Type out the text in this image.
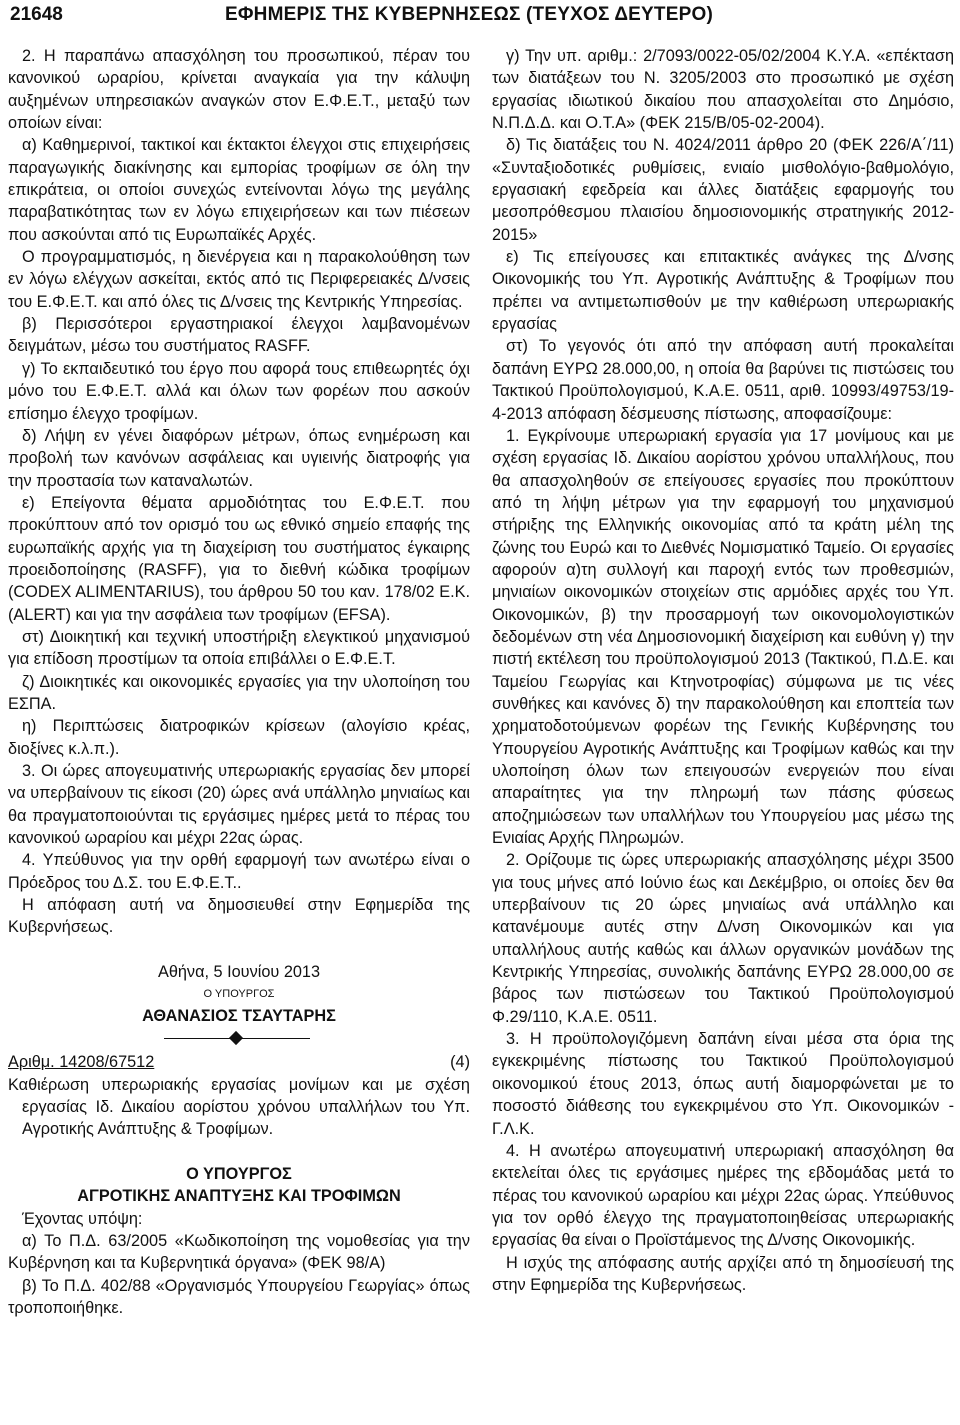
21648	ΕΦΗΜΕΡΙΣ ΤΗΣ ΚΥΒΕΡΝΗΣΕΩΣ (ΤΕΥΧΟΣ ΔΕΥΤΕΡΟ)

2. Η παραπάνω απασχόληση του προσωπικού, πέραν του κανονικού ωραρίου, κρίνεται αναγκαία για την κάλυψη αυξημένων υπηρεσιακών αναγκών στον Ε.Φ.Ε.Τ., μεταξύ των οποίων είναι:

α) Καθημερινοί, τακτικοί και έκτακτοι έλεγχοι στις επιχειρήσεις παραγωγικής διακίνησης και εμπορίας τροφίμων σε όλη την επικράτεια, οι οποίοι συνεχώς εντείνονται λόγω της μεγάλης παραβατικότητας των εν λόγω επιχειρήσεων και των πιέσεων που ασκούνται από τις Ευρωπαϊκές Αρχές.

Ο προγραμματισμός, η διενέργεια και η παρακολούθηση των εν λόγω ελέγχων ασκείται, εκτός από τις Περιφερειακές Δ/νσεις του Ε.Φ.Ε.Τ. και από όλες τις Δ/νσεις της Κεντρικής Υπηρεσίας.

β) Περισσότεροι εργαστηριακοί έλεγχοι λαμβανομένων δειγμάτων, μέσω του συστήματος RASFF.

γ) Το εκπαιδευτικό του έργο που αφορά τους επιθεωρητές όχι μόνο του Ε.Φ.Ε.Τ. αλλά και όλων των φορέων που ασκούν επίσημο έλεγχο τροφίμων.

δ) Λήψη εν γένει διαφόρων μέτρων, όπως ενημέρωση και προβολή των κανόνων ασφάλειας και υγιεινής διατροφής για την προστασία των καταναλωτών.

ε) Επείγοντα θέματα αρμοδιότητας του Ε.Φ.Ε.Τ. που προκύπτουν από τον ορισμό του ως εθνικό σημείο επαφής της ευρωπαϊκής αρχής για τη διαχείριση του συστήματος έγκαιρης προειδοποίησης (RASFF), για το διεθνή κώδικα τροφίμων (CODEX ALIMENTARIUS), του άρθρου 50 του καν. 178/02 Ε.Κ. (ALERT) και για την ασφάλεια των τροφίμων (EFSA).

στ) Διοικητική και τεχνική υποστήριξη ελεγκτικού μηχανισμού για επίδοση προστίμων τα οποία επιβάλλει ο Ε.Φ.Ε.Τ.

ζ) Διοικητικές και οικονομικές εργασίες για την υλοποίηση του ΕΣΠΑ.

η) Περιπτώσεις διατροφικών κρίσεων (αλογίσιο κρέας, διοξίνες κ.λ.π.).

3. Οι ώρες απογευματινής υπερωριακής εργασίας δεν μπορεί να υπερβαίνουν τις είκοσι (20) ώρες ανά υπάλληλο μηνιαίως και θα πραγματοποιούνται τις εργάσιμες ημέρες μετά το πέρας του κανονικού ωραρίου και μέχρι 22ας ώρας.

4. Υπεύθυνος για την ορθή εφαρμογή των ανωτέρω είναι ο Πρόεδρος του Δ.Σ. του Ε.Φ.Ε.Τ..

Η απόφαση αυτή να δημοσιευθεί στην Εφημερίδα της Κυβερνήσεως.

Αθήνα, 5 Ιουνίου 2013

Ο ΥΠΟΥΡΓΟΣ

ΑΘΑΝΑΣΙΟΣ ΤΣΑΥΤΑΡΗΣ

Αριθμ. 14208/67512	(4)

Καθιέρωση υπερωριακής εργασίας μονίμων και με σχέση εργασίας Ιδ. Δικαίου αορίστου χρόνου υπαλλήλων του Υπ. Αγροτικής Ανάπτυξης & Τροφίμων.

Ο ΥΠΟΥΡΓΟΣ

ΑΓΡΟΤΙΚΗΣ ΑΝΑΠΤΥΞΗΣ ΚΑΙ ΤΡΟΦΙΜΩΝ

Έχοντας υπόψη:

α) Το Π.Δ. 63/2005 «Κωδικοποίηση της νομοθεσίας για την Κυβέρνηση και τα Κυβερνητικά όργανα» (ΦΕΚ 98/Α)

β) Το Π.Δ. 402/88 «Οργανισμός Υπουργείου Γεωργίας» όπως τροποποιήθηκε.

γ) Την υπ. αριθμ.: 2/7093/0022-05/02/2004 Κ.Υ.Α. «επέκταση των διατάξεων του Ν. 3205/2003 στο προσωπικό με σχέση εργασίας ιδιωτικού δικαίου που απασχολείται στο Δημόσιο, Ν.Π.Δ.Δ. και Ο.Τ.Α» (ΦΕΚ 215/Β/05-02-2004).

δ) Τις διατάξεις του Ν. 4024/2011 άρθρο 20 (ΦΕΚ 226/Α΄/11) «Συνταξιοδοτικές ρυθμίσεις, ενιαίο μισθολόγιο-βαθμολόγιο, εργασιακή εφεδρεία και άλλες διατάξεις εφαρμογής του μεσοπρόθεσμου πλαισίου δημοσιονομικής στρατηγικής 2012-2015»

ε) Τις επείγουσες και επιτακτικές ανάγκες της Δ/νσης Οικονομικής του Υπ. Αγροτικής Ανάπτυξης & Τροφίμων που πρέπει να αντιμετωπισθούν με την καθιέρωση υπερωριακής εργασίας

στ) Το γεγονός ότι από την απόφαση αυτή προκαλείται δαπάνη ΕΥΡΩ 28.000,00, η οποία θα βαρύνει τις πιστώσεις του Τακτικού Προϋπολογισμού, Κ.Α.Ε. 0511, αριθ. 10993/49753/19-4-2013 απόφαση δέσμευσης πίστωσης, αποφασίζουμε:

1. Εγκρίνουμε υπερωριακή εργασία για 17 μονίμους και με σχέση εργασίας Ιδ. Δικαίου αορίστου χρόνου υπαλλήλους, που θα απασχοληθούν σε επείγουσες εργασίες που προκύπτουν από τη λήψη μέτρων για την εφαρμογή του μηχανισμού στήριξης της Ελληνικής οικονομίας από τα κράτη μέλη της ζώνης του Ευρώ και το Διεθνές Νομισματικό Ταμείο. Οι εργασίες αφορούν α)τη συλλογή και παροχή εντός των προθεσμιών, μηνιαίων οικονομικών στοιχείων στις αρμόδιες αρχές του Υπ. Οικονομικών, β) την προσαρμογή των οικονομολογιστικών δεδομένων στη νέα Δημοσιονομική διαχείριση και ευθύνη γ) την πιστή εκτέλεση του προϋπολογισμού 2013 (Τακτικού, Π.Δ.Ε. και Ταμείου Γεωργίας και Κτηνοτροφίας) σύμφωνα με τις νέες συνθήκες και κανόνες δ) την παρακολούθηση και εποπτεία των χρηματοδοτούμενων φορέων της Γενικής Κυβέρνησης του Υπουργείου Αγροτικής Ανάπτυξης και Τροφίμων καθώς και την υλοποίηση όλων των επειγουσών ενεργειών που είναι απαραίτητες για την πληρωμή των πάσης φύσεως αποζημιώσεων των υπαλλήλων του Υπουργείου μας μέσω της Ενιαίας Αρχής Πληρωμών.

2. Ορίζουμε τις ώρες υπερωριακής απασχόλησης μέχρι 3500 για τους μήνες από Ιούνιο έως και Δεκέμβριο, οι οποίες δεν θα υπερβαίνουν τις 20 ώρες μηνιαίως ανά υπάλληλο και κατανέμουμε αυτές στην Δ/νση Οικονομικών και για υπαλλήλους αυτής καθώς και άλλων οργανικών μονάδων της Κεντρικής Υπηρεσίας, συνολικής δαπάνης ΕΥΡΩ 28.000,00 σε βάρος των πιστώσεων του Τακτικού Προϋπολογισμού Φ.29/110, Κ.Α.Ε. 0511.

3. Η προϋπολογιζόμενη δαπάνη είναι μέσα στα όρια της εγκεκριμένης πίστωσης του Τακτικού Προϋπολογισμού οικονομικού έτους 2013, όπως αυτή διαμορφώνεται με το ποσοστό διάθεσης του εγκεκριμένου στο Υπ. Οικονομικών - Γ.Λ.Κ.

4. Η ανωτέρω απογευματινή υπερωριακή απασχόληση θα εκτελείται όλες τις εργάσιμες ημέρες της εβδομάδας μετά το πέρας του κανονικού ωραρίου και μέχρι 22ας ώρας. Υπεύθυνος για τον ορθό έλεγχο της πραγματοποιηθείσας υπερωριακής εργασίας θα είναι ο Προϊστάμενος της Δ/νσης Οικονομικής.

Η ισχύς της απόφασης αυτής αρχίζει από τη δημοσίευσή της στην Εφημερίδα της Κυβερνήσεως.
